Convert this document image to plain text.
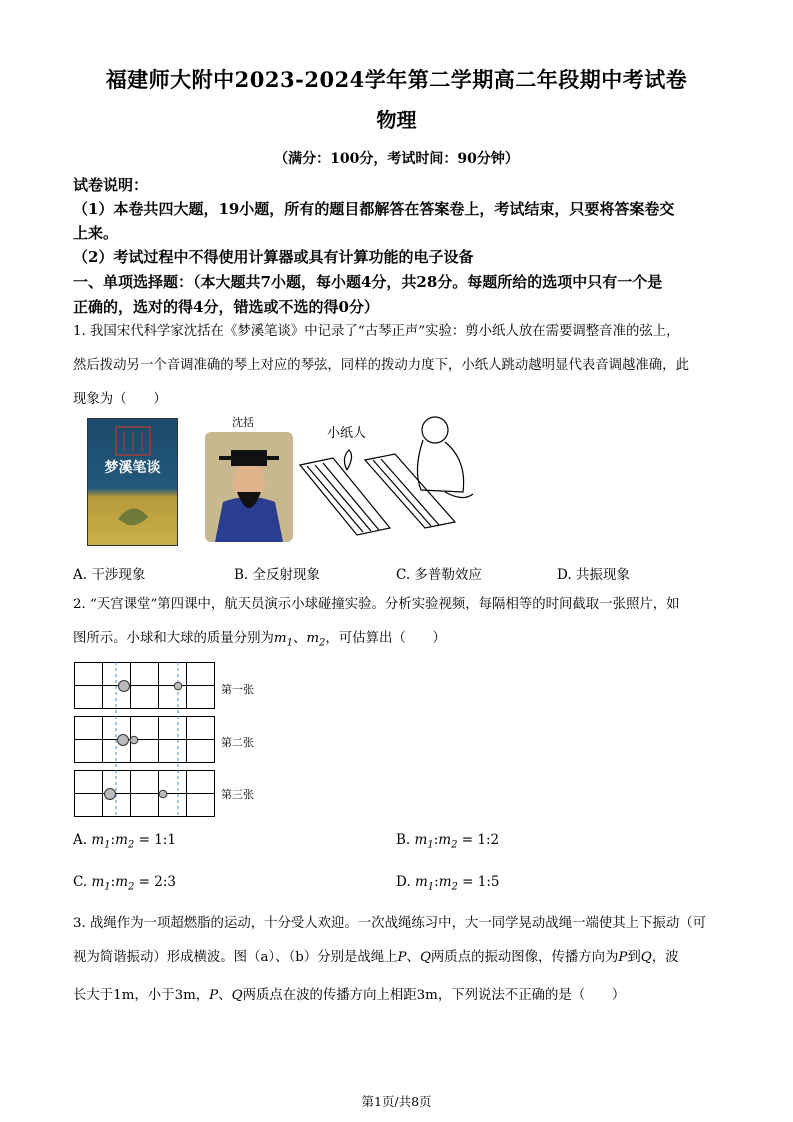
福建师大附中2023-2024学年第二学期高二年段期中考试卷
物理
（满分：100分，考试时间：90分钟）
试卷说明：
（1）本卷共四大题，19小题，所有的题目都解答在答案卷上，考试结束，只要将答案卷交
上来。
（2）考试过程中不得使用计算器或具有计算功能的电子设备
一、单项选择题：（本大题共7小题，每小题4分，共28分。每题所给的选项中只有一个是
正确的，选对的得4分，错选或不选的得0分）
1. 我国宋代科学家沈括在《梦溪笔谈》中记录了“古琴正声”实验：剪小纸人放在需要调整音准的弦上，
然后拨动另一个音调准确的琴上对应的琴弦，同样的拨动力度下，小纸人跳动越明显代表音调越准确，此
现象为（　　）
梦溪笔谈
沈括
小纸人
A. 干涉现象	B. 全反射现象	C. 多普勒效应	D. 共振现象
2. “天宫课堂”第四课中，航天员演示小球碰撞实验。分析实验视频，每隔相等的时间截取一张照片，如
图所示。小球和大球的质量分别为$m_1$、$m_2$，可估算出（　　）
第一张
第二张
第三张
A. $m_1:m_2$ = 1:1	B. $m_1:m_2$ = 1:2
C. $m_1:m_2$ = 2:3	D. $m_1:m_2$ = 1:5
3. 战绳作为一项超燃脂的运动，十分受人欢迎。一次战绳练习中，大一同学晃动战绳一端使其上下振动（可
视为简谐振动）形成横波。图（a）、（b）分别是战绳上P、Q两质点的振动图像，传播方向为P到Q，波
长大于1m，小于3m，P、Q两质点在波的传播方向上相距3m，下列说法不正确的是（　　）
第1页/共8页
